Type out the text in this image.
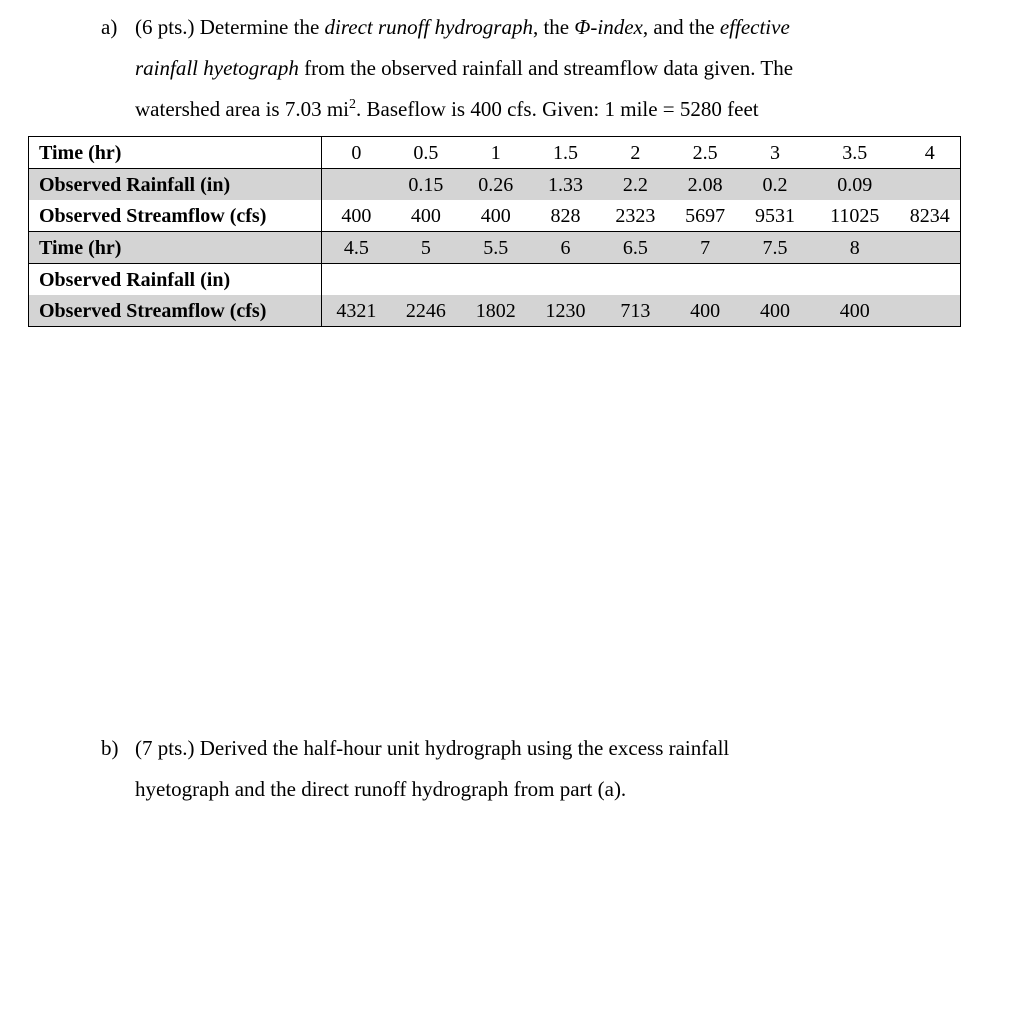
a) (6 pts.) Determine the direct runoff hydrograph, the Φ-index, and the effective
rainfall hyetograph from the observed rainfall and streamflow data given. The
watershed area is 7.03 $mi^2$. Baseflow is 400 cfs. Given: 1 mile = 5280 feet
Time (hr)	0	0.5	1	1.5	2	2.5	3	3.5	4
Observed Rainfall (in)		0.15	0.26	1.33	2.2	2.08	0.2	0.09	
Observed Streamflow (cfs)	400	400	400	828	2323	5697	9531	11025	8234
Time (hr)	4.5	5	5.5	6	6.5	7	7.5	8	
Observed Rainfall (in)									
Observed Streamflow (cfs)	4321	2246	1802	1230	713	400	400	400	
b) (7 pts.) Derived the half-hour unit hydrograph using the excess rainfall
hyetograph and the direct runoff hydrograph from part (a).
